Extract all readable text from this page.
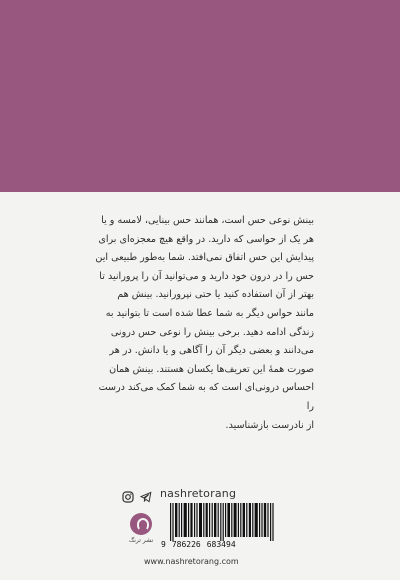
بینش نوعی حس است، همانند حس بینایی، لامسه و یا

هر یک از حواسی که دارید. در واقع هیچ معجزه‌ای برای

پیدایش این حس اتفاق نمی‌افتد. شما به‌طور طبیعی این

حس را در درون خود دارید و می‌توانید آن را پرورانید تا

بهتر از آن استفاده کنید یا حتی نپرورانید. بینش هم

مانند حواس دیگر به شما عطا شده است تا بتوانید به

زندگی ادامه دهید. برخی بینش را نوعی حس درونی

می‌دانند و بعضی دیگر آن را آگاهی و یا دانش. در هر

صورت همهٔ این تعریف‌ها یکسان هستند. بینش همان

احساس درونی‌ای است که به شما کمک می‌کند درست را

از نادرست بازشناسید.

nashretorang
نشر ترنگ 9 786226 683494
www.nashretorang.com
